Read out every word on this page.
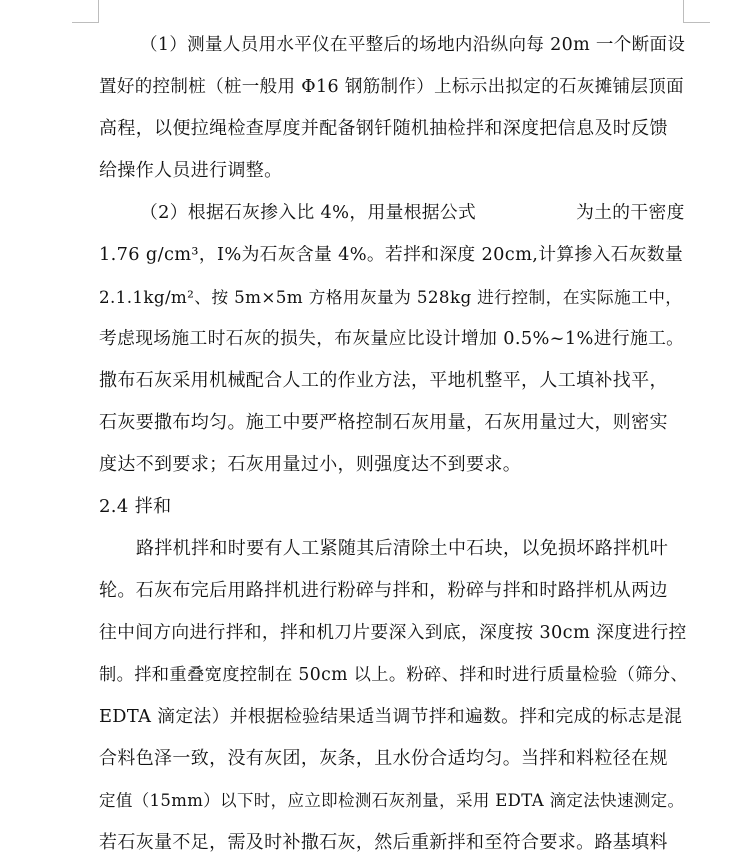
（1）测量人员用水平仪在平整后的场地内沿纵向每 20m 一个断面设
置好的控制桩（桩一般用 Φ16 钢筋制作）上标示出拟定的石灰摊铺层顶面
高程，以便拉绳检查厚度并配备钢钎随机抽检拌和深度把信息及时反馈
给操作人员进行调整。
（2）根据石灰掺入比 4%，用量根据公式	为土的干密度
1.76 g/cm³，I%为石灰含量 4%。若拌和深度 20cm,计算掺入石灰数量
2.1.1kg/m²、按 5m×5m 方格用灰量为 528kg 进行控制，在实际施工中，
考虑现场施工时石灰的损失，布灰量应比设计增加 0.5%~1%进行施工。
撒布石灰采用机械配合人工的作业方法，平地机整平，人工填补找平，
石灰要撒布均匀。施工中要严格控制石灰用量，石灰用量过大，则密实
度达不到要求；石灰用量过小，则强度达不到要求。
2.4 拌和
路拌机拌和时要有人工紧随其后清除土中石块，以免损坏路拌机叶
轮。石灰布完后用路拌机进行粉碎与拌和，粉碎与拌和时路拌机从两边
往中间方向进行拌和，拌和机刀片要深入到底，深度按 30cm 深度进行控
制。拌和重叠宽度控制在 50cm 以上。粉碎、拌和时进行质量检验（筛分、
EDTA 滴定法）并根据检验结果适当调节拌和遍数。拌和完成的标志是混
合料色泽一致，没有灰团，灰条，且水份合适均匀。当拌和料粒径在规
定值（15mm）以下时，应立即检测石灰剂量，采用 EDTA 滴定法快速测定。
若石灰量不足，需及时补撒石灰，然后重新拌和至符合要求。路基填料
